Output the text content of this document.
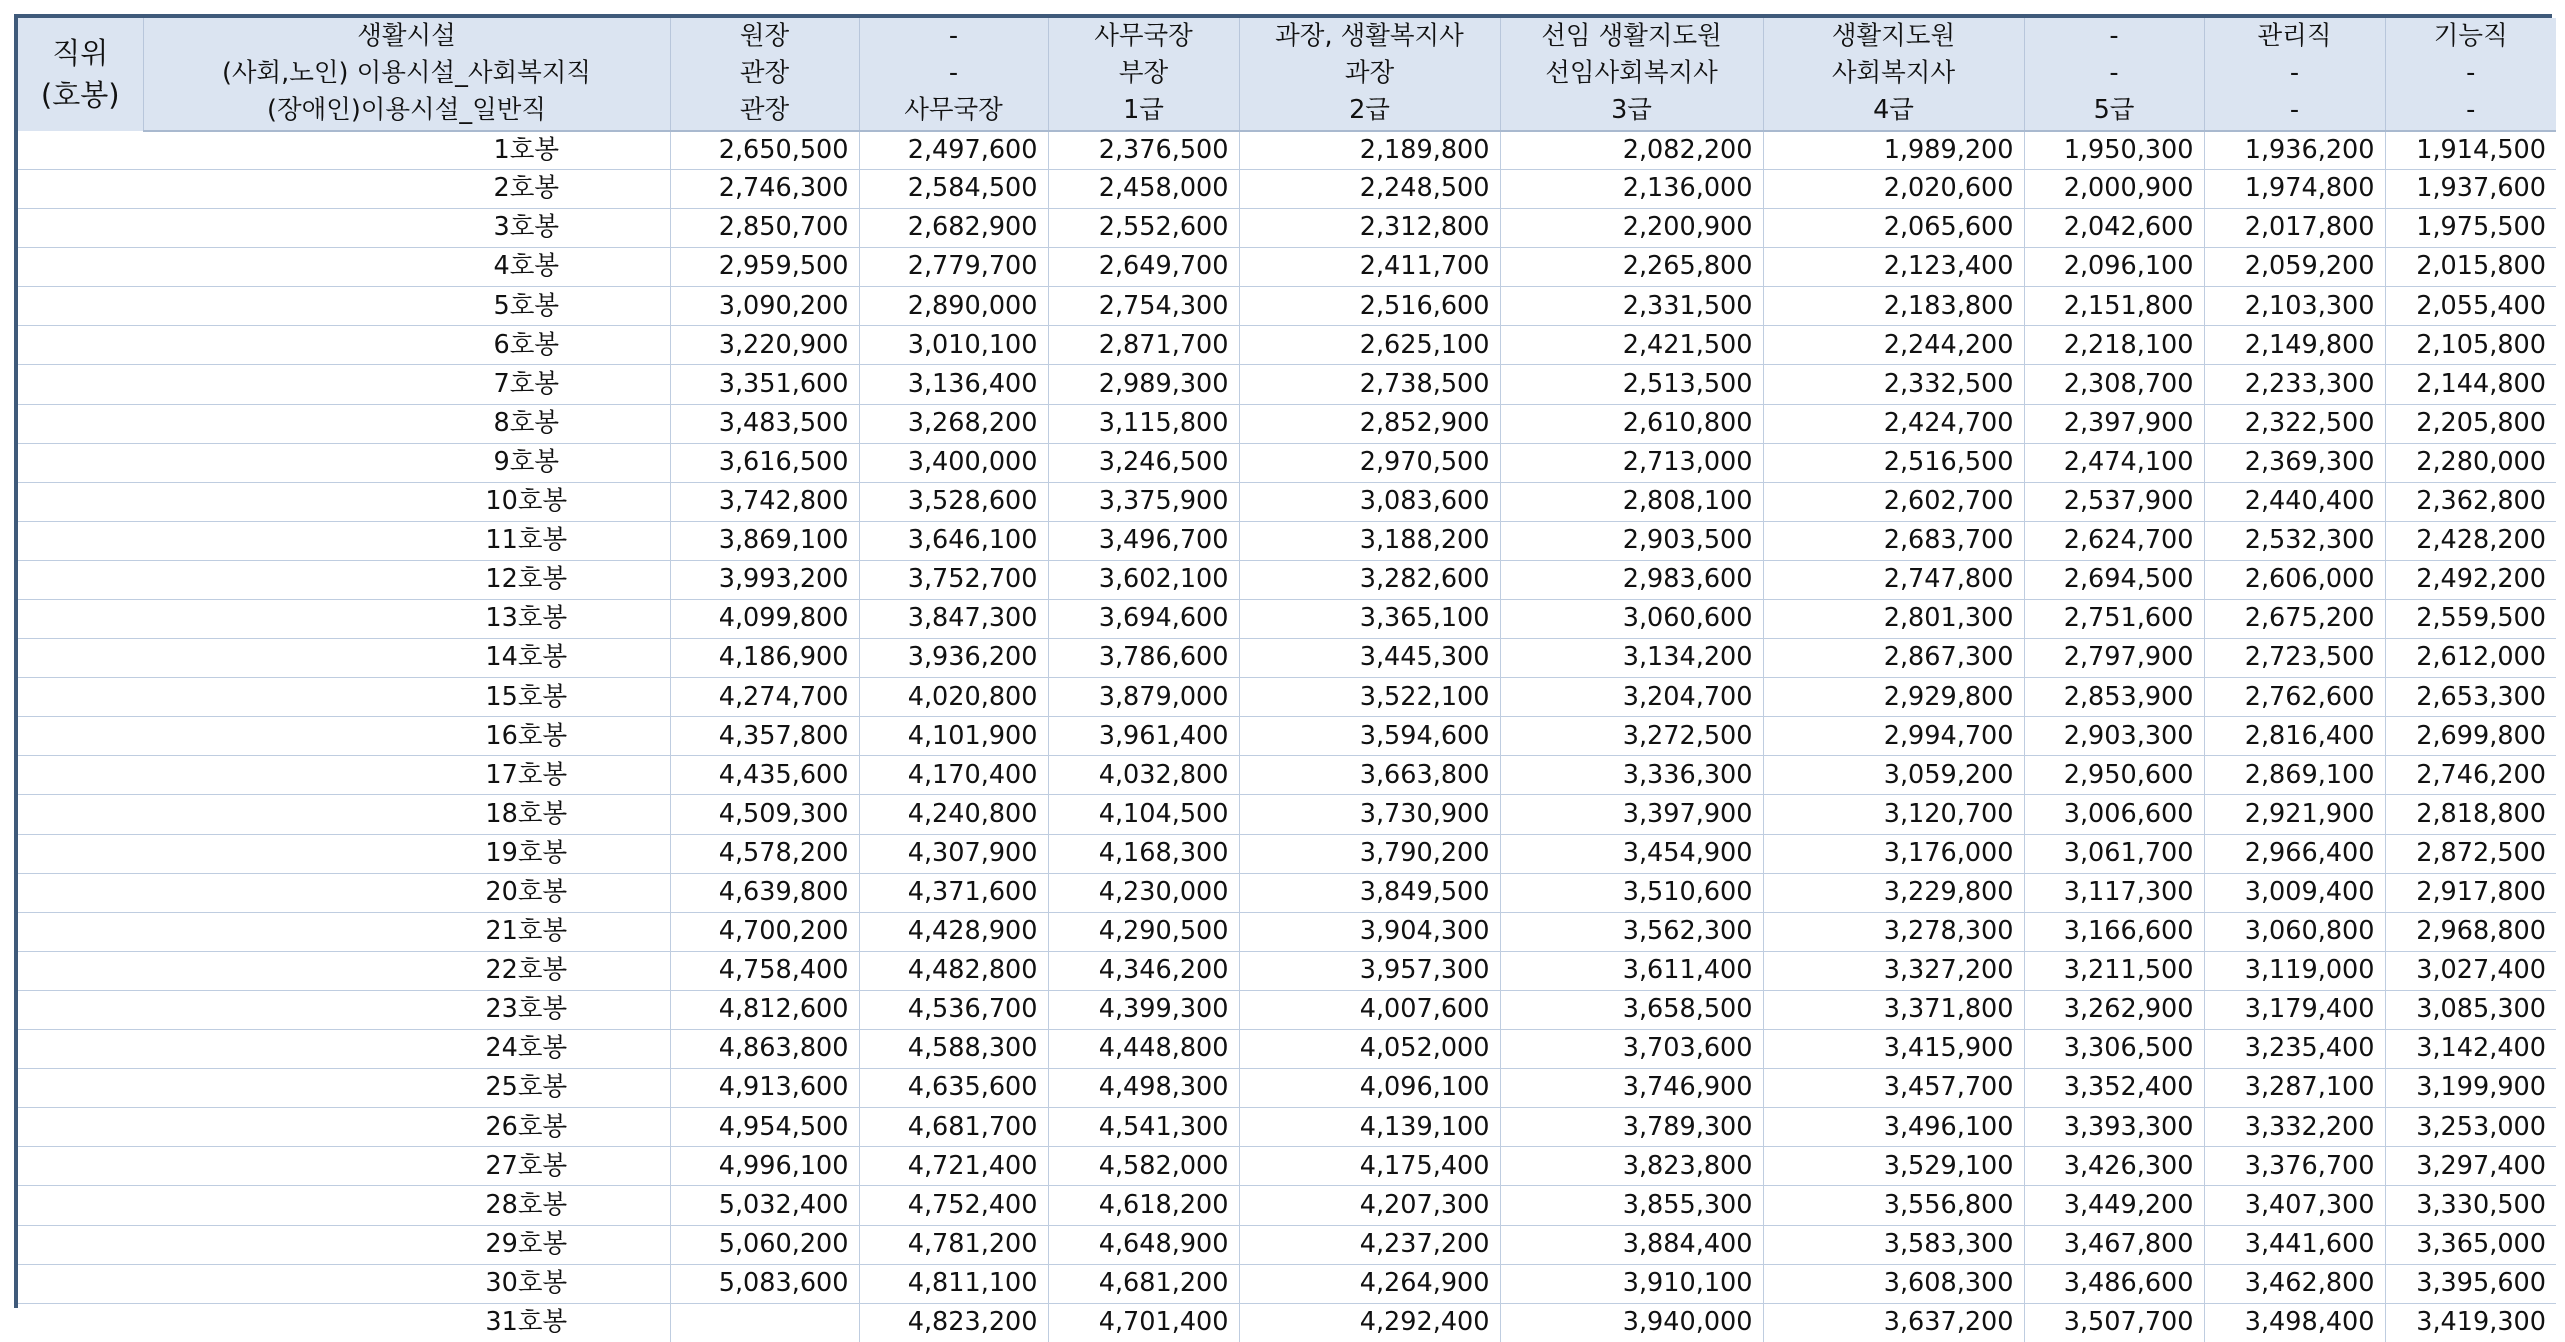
직위
(호봉)	생활시설	원장	-	사무국장	과장, 생활복지사	선임 생활지도원	생활지도원	-	관리직	기능직
	(사회,노인) 이용시설_사회복지직	관장	-	부장	과장	선임사회복지사	사회복지사	-	-	-
	(장애인)이용시설_일반직	관장	사무국장	1급	2급	3급	4급	5급	-	-
	1호봉	2,650,500	2,497,600	2,376,500	2,189,800	2,082,200	1,989,200	1,950,300	1,936,200	1,914,500
	2호봉	2,746,300	2,584,500	2,458,000	2,248,500	2,136,000	2,020,600	2,000,900	1,974,800	1,937,600
	3호봉	2,850,700	2,682,900	2,552,600	2,312,800	2,200,900	2,065,600	2,042,600	2,017,800	1,975,500
	4호봉	2,959,500	2,779,700	2,649,700	2,411,700	2,265,800	2,123,400	2,096,100	2,059,200	2,015,800
	5호봉	3,090,200	2,890,000	2,754,300	2,516,600	2,331,500	2,183,800	2,151,800	2,103,300	2,055,400
	6호봉	3,220,900	3,010,100	2,871,700	2,625,100	2,421,500	2,244,200	2,218,100	2,149,800	2,105,800
	7호봉	3,351,600	3,136,400	2,989,300	2,738,500	2,513,500	2,332,500	2,308,700	2,233,300	2,144,800
	8호봉	3,483,500	3,268,200	3,115,800	2,852,900	2,610,800	2,424,700	2,397,900	2,322,500	2,205,800
	9호봉	3,616,500	3,400,000	3,246,500	2,970,500	2,713,000	2,516,500	2,474,100	2,369,300	2,280,000
	10호봉	3,742,800	3,528,600	3,375,900	3,083,600	2,808,100	2,602,700	2,537,900	2,440,400	2,362,800
	11호봉	3,869,100	3,646,100	3,496,700	3,188,200	2,903,500	2,683,700	2,624,700	2,532,300	2,428,200
	12호봉	3,993,200	3,752,700	3,602,100	3,282,600	2,983,600	2,747,800	2,694,500	2,606,000	2,492,200
	13호봉	4,099,800	3,847,300	3,694,600	3,365,100	3,060,600	2,801,300	2,751,600	2,675,200	2,559,500
	14호봉	4,186,900	3,936,200	3,786,600	3,445,300	3,134,200	2,867,300	2,797,900	2,723,500	2,612,000
	15호봉	4,274,700	4,020,800	3,879,000	3,522,100	3,204,700	2,929,800	2,853,900	2,762,600	2,653,300
	16호봉	4,357,800	4,101,900	3,961,400	3,594,600	3,272,500	2,994,700	2,903,300	2,816,400	2,699,800
	17호봉	4,435,600	4,170,400	4,032,800	3,663,800	3,336,300	3,059,200	2,950,600	2,869,100	2,746,200
	18호봉	4,509,300	4,240,800	4,104,500	3,730,900	3,397,900	3,120,700	3,006,600	2,921,900	2,818,800
	19호봉	4,578,200	4,307,900	4,168,300	3,790,200	3,454,900	3,176,000	3,061,700	2,966,400	2,872,500
	20호봉	4,639,800	4,371,600	4,230,000	3,849,500	3,510,600	3,229,800	3,117,300	3,009,400	2,917,800
	21호봉	4,700,200	4,428,900	4,290,500	3,904,300	3,562,300	3,278,300	3,166,600	3,060,800	2,968,800
	22호봉	4,758,400	4,482,800	4,346,200	3,957,300	3,611,400	3,327,200	3,211,500	3,119,000	3,027,400
	23호봉	4,812,600	4,536,700	4,399,300	4,007,600	3,658,500	3,371,800	3,262,900	3,179,400	3,085,300
	24호봉	4,863,800	4,588,300	4,448,800	4,052,000	3,703,600	3,415,900	3,306,500	3,235,400	3,142,400
	25호봉	4,913,600	4,635,600	4,498,300	4,096,100	3,746,900	3,457,700	3,352,400	3,287,100	3,199,900
	26호봉	4,954,500	4,681,700	4,541,300	4,139,100	3,789,300	3,496,100	3,393,300	3,332,200	3,253,000
	27호봉	4,996,100	4,721,400	4,582,000	4,175,400	3,823,800	3,529,100	3,426,300	3,376,700	3,297,400
	28호봉	5,032,400	4,752,400	4,618,200	4,207,300	3,855,300	3,556,800	3,449,200	3,407,300	3,330,500
	29호봉	5,060,200	4,781,200	4,648,900	4,237,200	3,884,400	3,583,300	3,467,800	3,441,600	3,365,000
	30호봉	5,083,600	4,811,100	4,681,200	4,264,900	3,910,100	3,608,300	3,486,600	3,462,800	3,395,600
	31호봉		4,823,200	4,701,400	4,292,400	3,940,000	3,637,200	3,507,700	3,498,400	3,419,300
